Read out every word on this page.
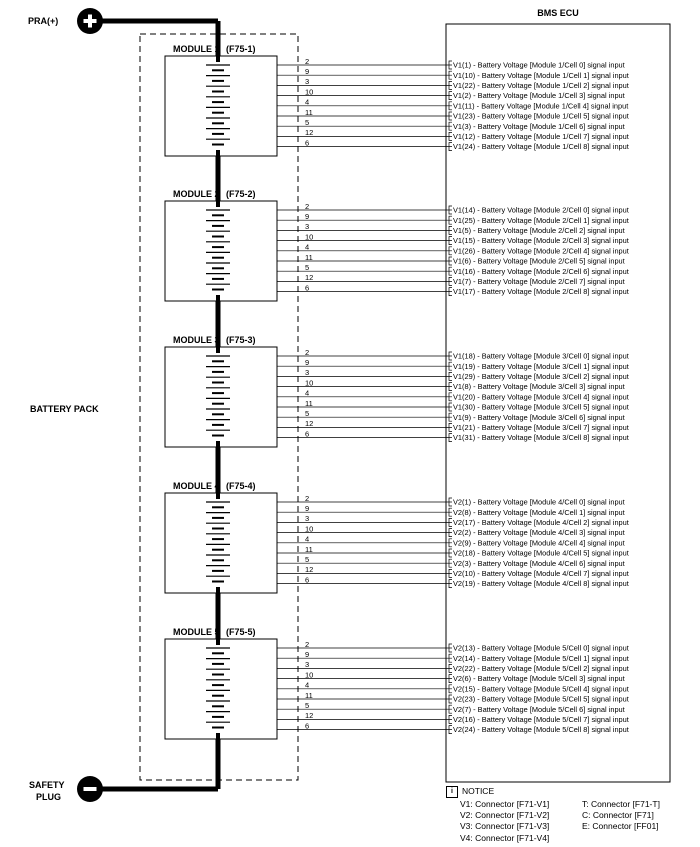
PRA(+)
SAFETY
PLUG
BATTERY PACK
BMS ECU
MODULE 1 (F75-1)
2	V1(1) - Battery Voltage [Module 1/Cell 0] signal input
9	V1(10) - Battery Voltage [Module 1/Cell 1] signal input
3	V1(22) - Battery Voltage [Module 1/Cell 2] signal input
10	V1(2) - Battery Voltage [Module 1/Cell 3] signal input
4	V1(11) - Battery Voltage [Module 1/Cell 4] signal input
11	V1(23) - Battery Voltage [Module 1/Cell 5] signal input
5	V1(3) - Battery Voltage [Module 1/Cell 6] signal input
12	V1(12) - Battery Voltage [Module 1/Cell 7] signal input
6	V1(24) - Battery Voltage [Module 1/Cell 8] signal input
MODULE 2 (F75-2)
2	V1(14) - Battery Voltage [Module 2/Cell 0] signal input
9	V1(25) - Battery Voltage [Module 2/Cell 1] signal input
3	V1(5) - Battery Voltage [Module 2/Cell 2] signal input
10	V1(15) - Battery Voltage [Module 2/Cell 3] signal input
4	V1(26) - Battery Voltage [Module 2/Cell 4] signal input
11	V1(6) - Battery Voltage [Module 2/Cell 5] signal input
5	V1(16) - Battery Voltage [Module 2/Cell 6] signal input
12	V1(7) - Battery Voltage [Module 2/Cell 7] signal input
6	V1(17) - Battery Voltage [Module 2/Cell 8] signal input
MODULE 3 (F75-3)
2	V1(18) - Battery Voltage [Module 3/Cell 0] signal input
9	V1(19) - Battery Voltage [Module 3/Cell 1] signal input
3	V1(29) - Battery Voltage [Module 3/Cell 2] signal input
10	V1(8) - Battery Voltage [Module 3/Cell 3] signal input
4	V1(20) - Battery Voltage [Module 3/Cell 4] signal input
11	V1(30) - Battery Voltage [Module 3/Cell 5] signal input
5	V1(9) - Battery Voltage [Module 3/Cell 6] signal input
12	V1(21) - Battery Voltage [Module 3/Cell 7] signal input
6	V1(31) - Battery Voltage [Module 3/Cell 8] signal input
MODULE 4 (F75-4)
2	V2(1) - Battery Voltage [Module 4/Cell 0] signal input
9	V2(8) - Battery Voltage [Module 4/Cell 1] signal input
3	V2(17) - Battery Voltage [Module 4/Cell 2] signal input
10	V2(2) - Battery Voltage [Module 4/Cell 3] signal input
4	V2(9) - Battery Voltage [Module 4/Cell 4] signal input
11	V2(18) - Battery Voltage [Module 4/Cell 5] signal input
5	V2(3) - Battery Voltage [Module 4/Cell 6] signal input
12	V2(10) - Battery Voltage [Module 4/Cell 7] signal input
6	V2(19) - Battery Voltage [Module 4/Cell 8] signal input
MODULE 5 (F75-5)
2	V2(13) - Battery Voltage [Module 5/Cell 0] signal input
9	V2(14) - Battery Voltage [Module 5/Cell 1] signal input
3	V2(22) - Battery Voltage [Module 5/Cell 2] signal input
10	V2(6) - Battery Voltage [Module 5/Cell 3] signal input
4	V2(15) - Battery Voltage [Module 5/Cell 4] signal input
11	V2(23) - Battery Voltage [Module 5/Cell 5] signal input
5	V2(7) - Battery Voltage [Module 5/Cell 6] signal input
12	V2(16) - Battery Voltage [Module 5/Cell 7] signal input
6	V2(24) - Battery Voltage [Module 5/Cell 8] signal input
i	NOTICE
V1: Connector [F71-V1]	T: Connector [F71-T]
V2: Connector [F71-V2]	C: Connector [F71]
V3: Connector [F71-V3]	E: Connector [FF01]
V4: Connector [F71-V4]
